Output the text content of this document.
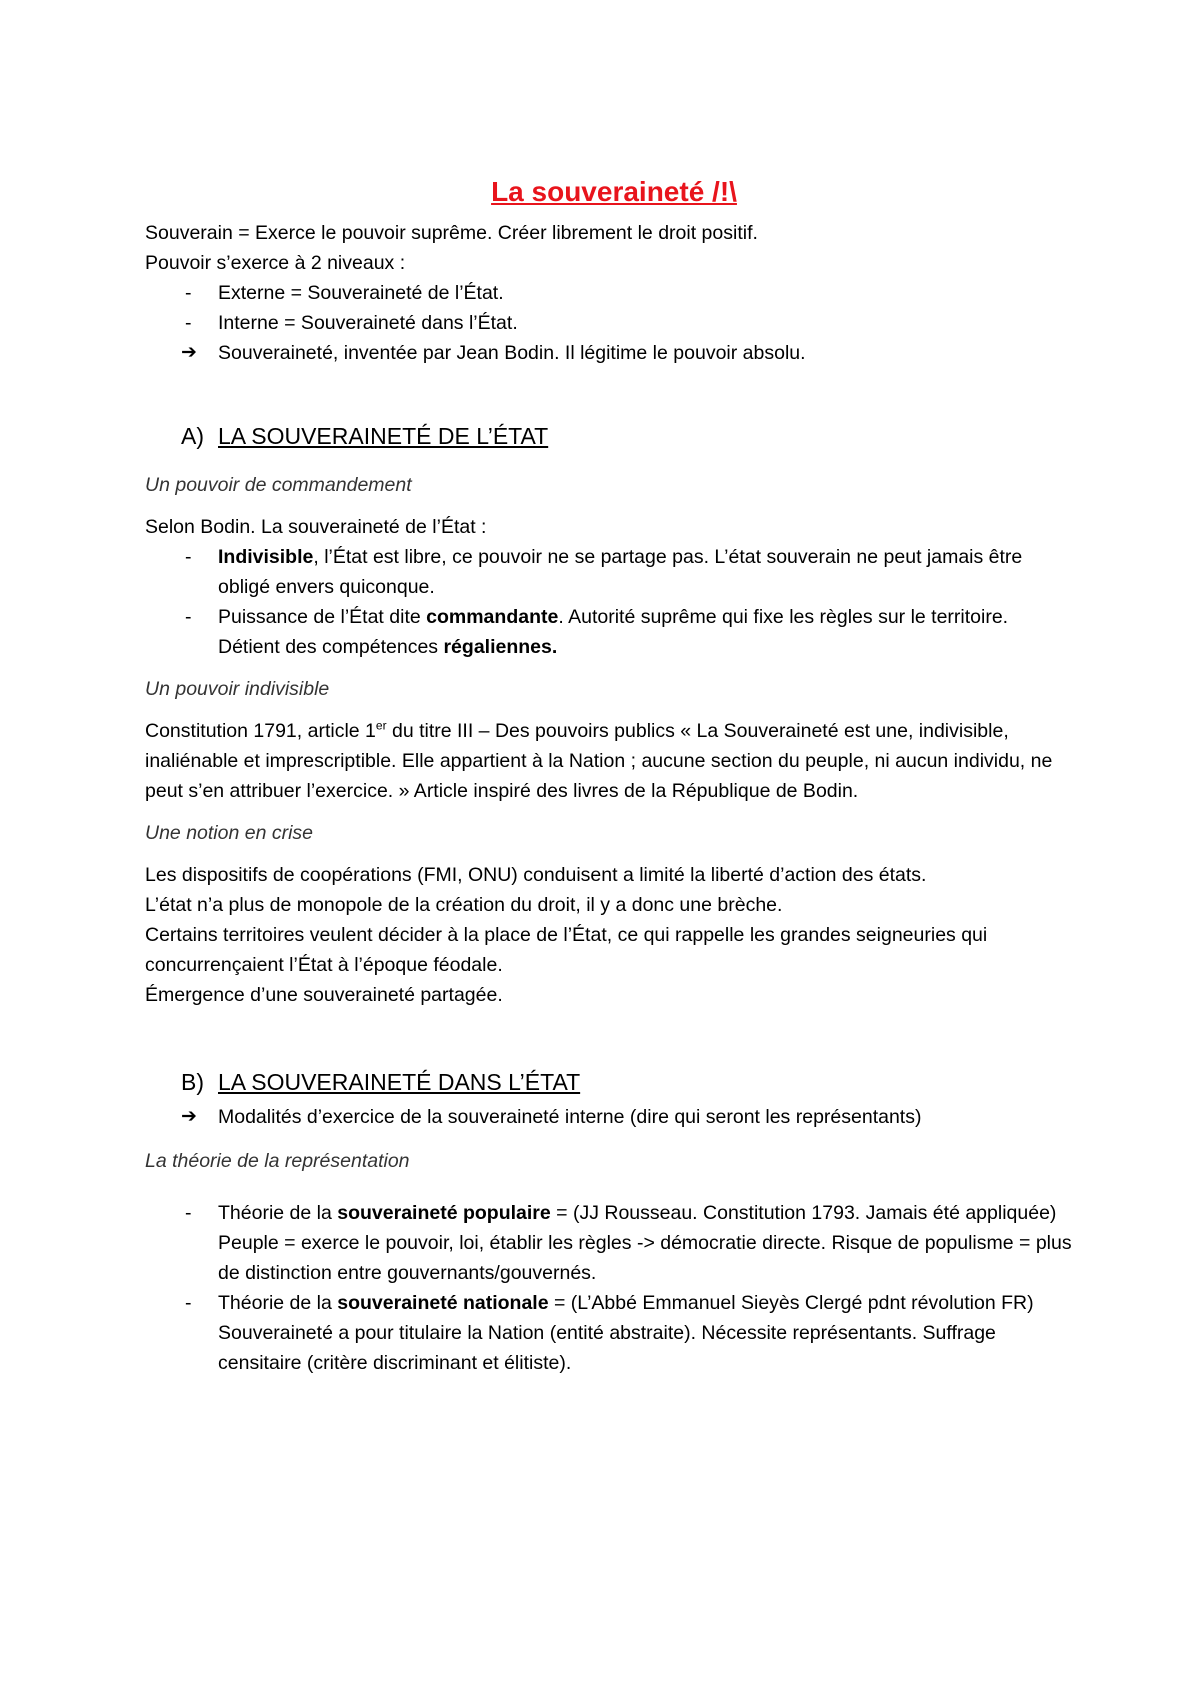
La souveraineté /!\

Souverain = Exerce le pouvoir suprême. Créer librement le droit positif.

Pouvoir s’exerce à 2 niveaux :

-	Externe = Souveraineté de l’État.
-	Interne = Souveraineté dans l’État.
➔ Souveraineté, inventée par Jean Bodin. Il légitime le pouvoir absolu.
A) LA SOUVERAINETÉ DE L’ÉTAT

Un pouvoir de commandement

Selon Bodin. La souveraineté de l’État :

-	Indivisible, l’État est libre, ce pouvoir ne se partage pas. L’état souverain ne peut jamais être obligé envers quiconque.
-	Puissance de l’État dite commandante. Autorité suprême qui fixe les règles sur le territoire. Détient des compétences régaliennes.

Un pouvoir indivisible

Constitution 1791, article 1er du titre III – Des pouvoirs publics « La Souveraineté est une, indivisible, inaliénable et imprescriptible. Elle appartient à la Nation ; aucune section du peuple, ni aucun individu, ne peut s’en attribuer l’exercice. » Article inspiré des livres de la République de Bodin.

Une notion en crise

Les dispositifs de coopérations (FMI, ONU) conduisent a limité la liberté d’action des états.

L’état n’a plus de monopole de la création du droit, il y a donc une brèche.

Certains territoires veulent décider à la place de l’État, ce qui rappelle les grandes seigneuries qui concurrençaient l’État à l’époque féodale.

Émergence d’une souveraineté partagée.

B) LA SOUVERAINETÉ DANS L’ÉTAT
➔ Modalités d’exercice de la souveraineté interne (dire qui seront les représentants)

La théorie de la représentation

-	Théorie de la souveraineté populaire = (JJ Rousseau. Constitution 1793. Jamais été appliquée) Peuple = exerce le pouvoir, loi, établir les règles -> démocratie directe. Risque de populisme = plus de distinction entre gouvernants/gouvernés.
-	Théorie de la souveraineté nationale = (L’Abbé Emmanuel Sieyès Clergé pdnt révolution FR) Souveraineté a pour titulaire la Nation (entité abstraite). Nécessite représentants. Suffrage censitaire (critère discriminant et élitiste).
